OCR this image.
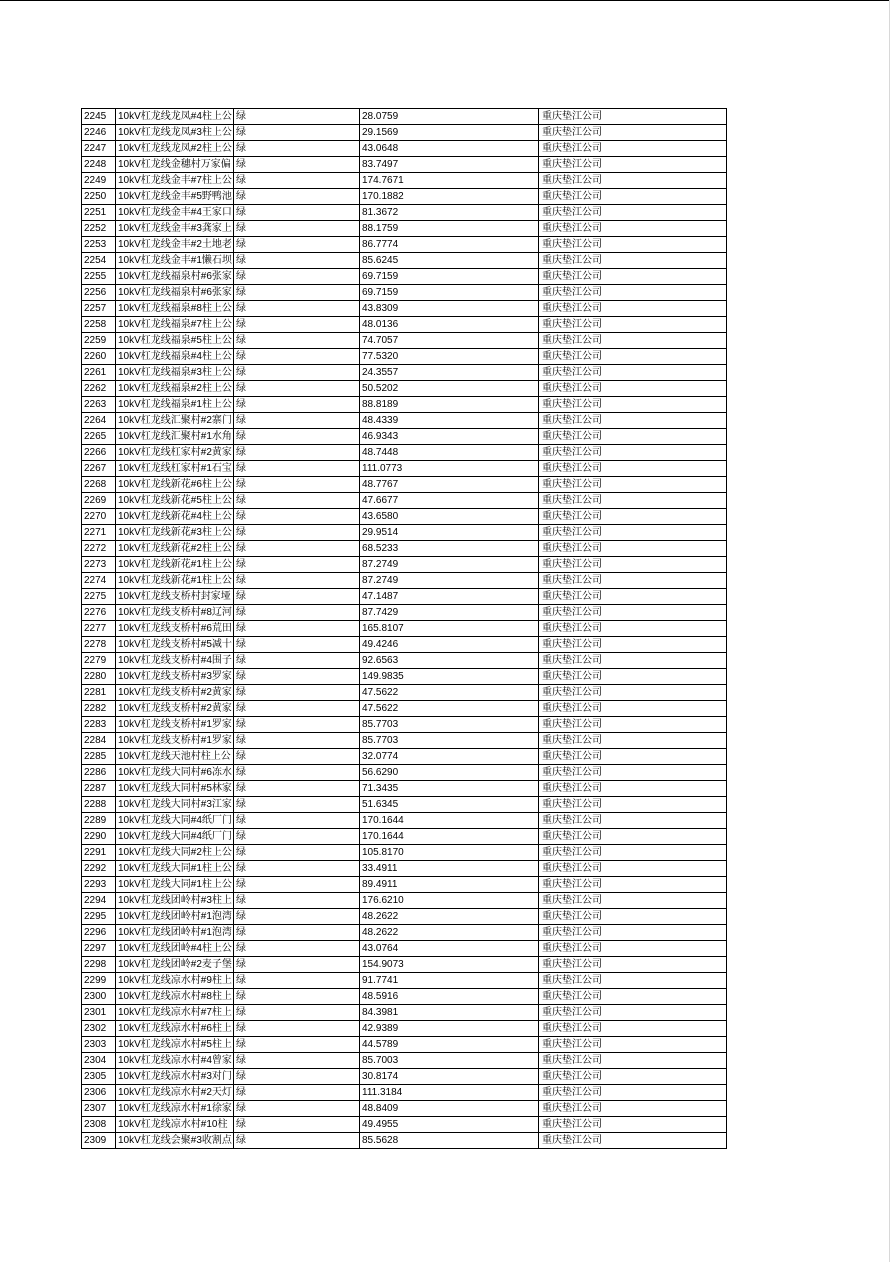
2245	10kV杠龙线龙凤#4柱上公	绿	28.0759	重庆垫江公司
2246	10kV杠龙线龙凤#3柱上公	绿	29.1569	重庆垫江公司
2247	10kV杠龙线龙凤#2柱上公	绿	43.0648	重庆垫江公司
2248	10kV杠龙线金穗村万家偏	绿	83.7497	重庆垫江公司
2249	10kV杠龙线金丰#7柱上公	绿	174.7671	重庆垫江公司
2250	10kV杠龙线金丰#5野鸭池	绿	170.1882	重庆垫江公司
2251	10kV杠龙线金丰#4王家口	绿	81.3672	重庆垫江公司
2252	10kV杠龙线金丰#3龚家上	绿	88.1759	重庆垫江公司
2253	10kV杠龙线金丰#2土地老	绿	86.7774	重庆垫江公司
2254	10kV杠龙线金丰#1懒石坝	绿	85.6245	重庆垫江公司
2255	10kV杠龙线福泉村#6张家	绿	69.7159	重庆垫江公司
2256	10kV杠龙线福泉村#6张家	绿	69.7159	重庆垫江公司
2257	10kV杠龙线福泉#8柱上公	绿	43.8309	重庆垫江公司
2258	10kV杠龙线福泉#7柱上公	绿	48.0136	重庆垫江公司
2259	10kV杠龙线福泉#5柱上公	绿	74.7057	重庆垫江公司
2260	10kV杠龙线福泉#4柱上公	绿	77.5320	重庆垫江公司
2261	10kV杠龙线福泉#3柱上公	绿	24.3557	重庆垫江公司
2262	10kV杠龙线福泉#2柱上公	绿	50.5202	重庆垫江公司
2263	10kV杠龙线福泉#1柱上公	绿	88.8189	重庆垫江公司
2264	10kV杠龙线汇聚村#2寨门	绿	48.4339	重庆垫江公司
2265	10kV杠龙线汇聚村#1水角	绿	46.9343	重庆垫江公司
2266	10kV杠龙线杠家村#2黄家	绿	48.7448	重庆垫江公司
2267	10kV杠龙线杠家村#1石宝	绿	111.0773	重庆垫江公司
2268	10kV杠龙线新花#6柱上公	绿	48.7767	重庆垫江公司
2269	10kV杠龙线新花#5柱上公	绿	47.6677	重庆垫江公司
2270	10kV杠龙线新花#4柱上公	绿	43.6580	重庆垫江公司
2271	10kV杠龙线新花#3柱上公	绿	29.9514	重庆垫江公司
2272	10kV杠龙线新花#2柱上公	绿	68.5233	重庆垫江公司
2273	10kV杠龙线新花#1柱上公	绿	87.2749	重庆垫江公司
2274	10kV杠龙线新花#1柱上公	绿	87.2749	重庆垫江公司
2275	10kV杠龙线支桥村封家垭	绿	47.1487	重庆垫江公司
2276	10kV杠龙线支桥村#8辽河	绿	87.7429	重庆垫江公司
2277	10kV杠龙线支桥村#6荒田	绿	165.8107	重庆垫江公司
2278	10kV杠龙线支桥村#5减十	绿	49.4246	重庆垫江公司
2279	10kV杠龙线支桥村#4围子	绿	92.6563	重庆垫江公司
2280	10kV杠龙线支桥村#3罗家	绿	149.9835	重庆垫江公司
2281	10kV杠龙线支桥村#2黄家	绿	47.5622	重庆垫江公司
2282	10kV杠龙线支桥村#2黄家	绿	47.5622	重庆垫江公司
2283	10kV杠龙线支桥村#1罗家	绿	85.7703	重庆垫江公司
2284	10kV杠龙线支桥村#1罗家	绿	85.7703	重庆垫江公司
2285	10kV杠龙线天池村柱上公	绿	32.0774	重庆垫江公司
2286	10kV杠龙线大同村#6冻水	绿	56.6290	重庆垫江公司
2287	10kV杠龙线大同村#5林家	绿	71.3435	重庆垫江公司
2288	10kV杠龙线大同村#3江家	绿	51.6345	重庆垫江公司
2289	10kV杠龙线大同#4纸厂门	绿	170.1644	重庆垫江公司
2290	10kV杠龙线大同#4纸厂门	绿	170.1644	重庆垫江公司
2291	10kV杠龙线大同#2柱上公	绿	105.8170	重庆垫江公司
2292	10kV杠龙线大同#1柱上公	绿	33.4911	重庆垫江公司
2293	10kV杠龙线大同#1柱上公	绿	89.4911	重庆垫江公司
2294	10kV杠龙线团岭村#3柱上	绿	176.6210	重庆垫江公司
2295	10kV杠龙线团岭村#1泡湾	绿	48.2622	重庆垫江公司
2296	10kV杠龙线团岭村#1泡湾	绿	48.2622	重庆垫江公司
2297	10kV杠龙线团岭#4柱上公	绿	43.0764	重庆垫江公司
2298	10kV杠龙线团岭#2麦子堡	绿	154.9073	重庆垫江公司
2299	10kV杠龙线凉水村#9柱上	绿	91.7741	重庆垫江公司
2300	10kV杠龙线凉水村#8柱上	绿	48.5916	重庆垫江公司
2301	10kV杠龙线凉水村#7柱上	绿	84.3981	重庆垫江公司
2302	10kV杠龙线凉水村#6柱上	绿	42.9389	重庆垫江公司
2303	10kV杠龙线凉水村#5柱上	绿	44.5789	重庆垫江公司
2304	10kV杠龙线凉水村#4曾家	绿	85.7003	重庆垫江公司
2305	10kV杠龙线凉水村#3对门	绿	30.8174	重庆垫江公司
2306	10kV杠龙线凉水村#2天灯	绿	111.3184	重庆垫江公司
2307	10kV杠龙线凉水村#1徐家	绿	48.8409	重庆垫江公司
2308	10kV杠龙线凉水村#10柱	绿	49.4955	重庆垫江公司
2309	10kV杠龙线会聚#3收割点	绿	85.5628	重庆垫江公司
